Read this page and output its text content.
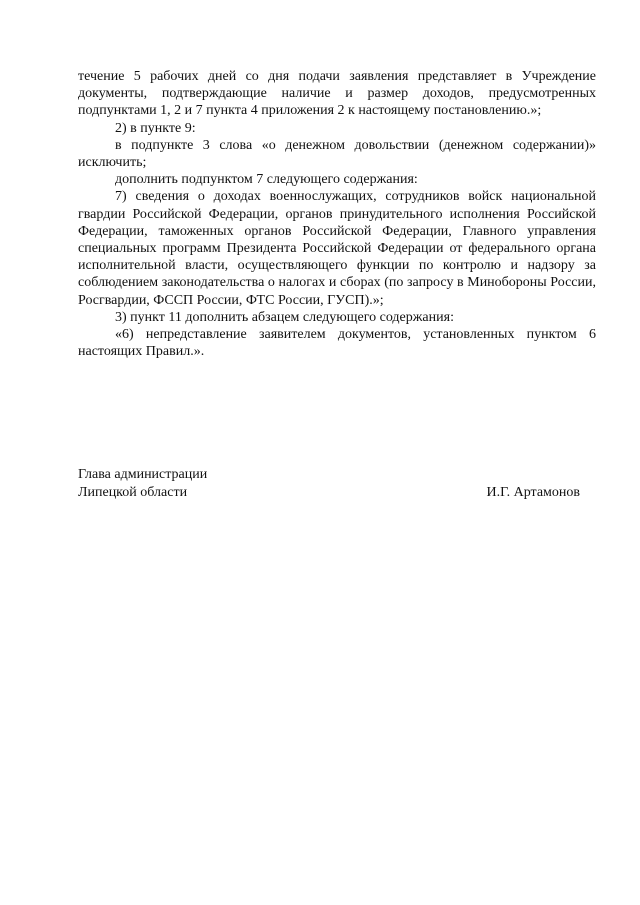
течение 5 рабочих дней со дня подачи заявления представляет в Учреждение документы, подтверждающие наличие и размер доходов, предусмотренных подпунктами 1, 2 и 7 пункта 4 приложения 2 к настоящему постановлению.»;

2) в пункте 9:

в подпункте 3 слова «о денежном довольствии (денежном содержании)» исключить;

дополнить подпунктом 7 следующего содержания:

7) сведения о доходах военнослужащих, сотрудников войск национальной гвардии Российской Федерации, органов принудительного исполнения Российской Федерации, таможенных органов Российской Федерации, Главного управления специальных программ Президента Российской Федерации от федерального органа исполнительной власти, осуществляющего функции по контролю и надзору за соблюдением законодательства о налогах и сборах (по запросу в Минобороны России, Росгвардии, ФССП России, ФТС России, ГУСП).»;

3) пункт 11 дополнить абзацем следующего содержания:

«6) непредставление заявителем документов, установленных пунктом 6 настоящих Правил.».

Глава администрации
Липецкой области	И.Г. Артамонов
